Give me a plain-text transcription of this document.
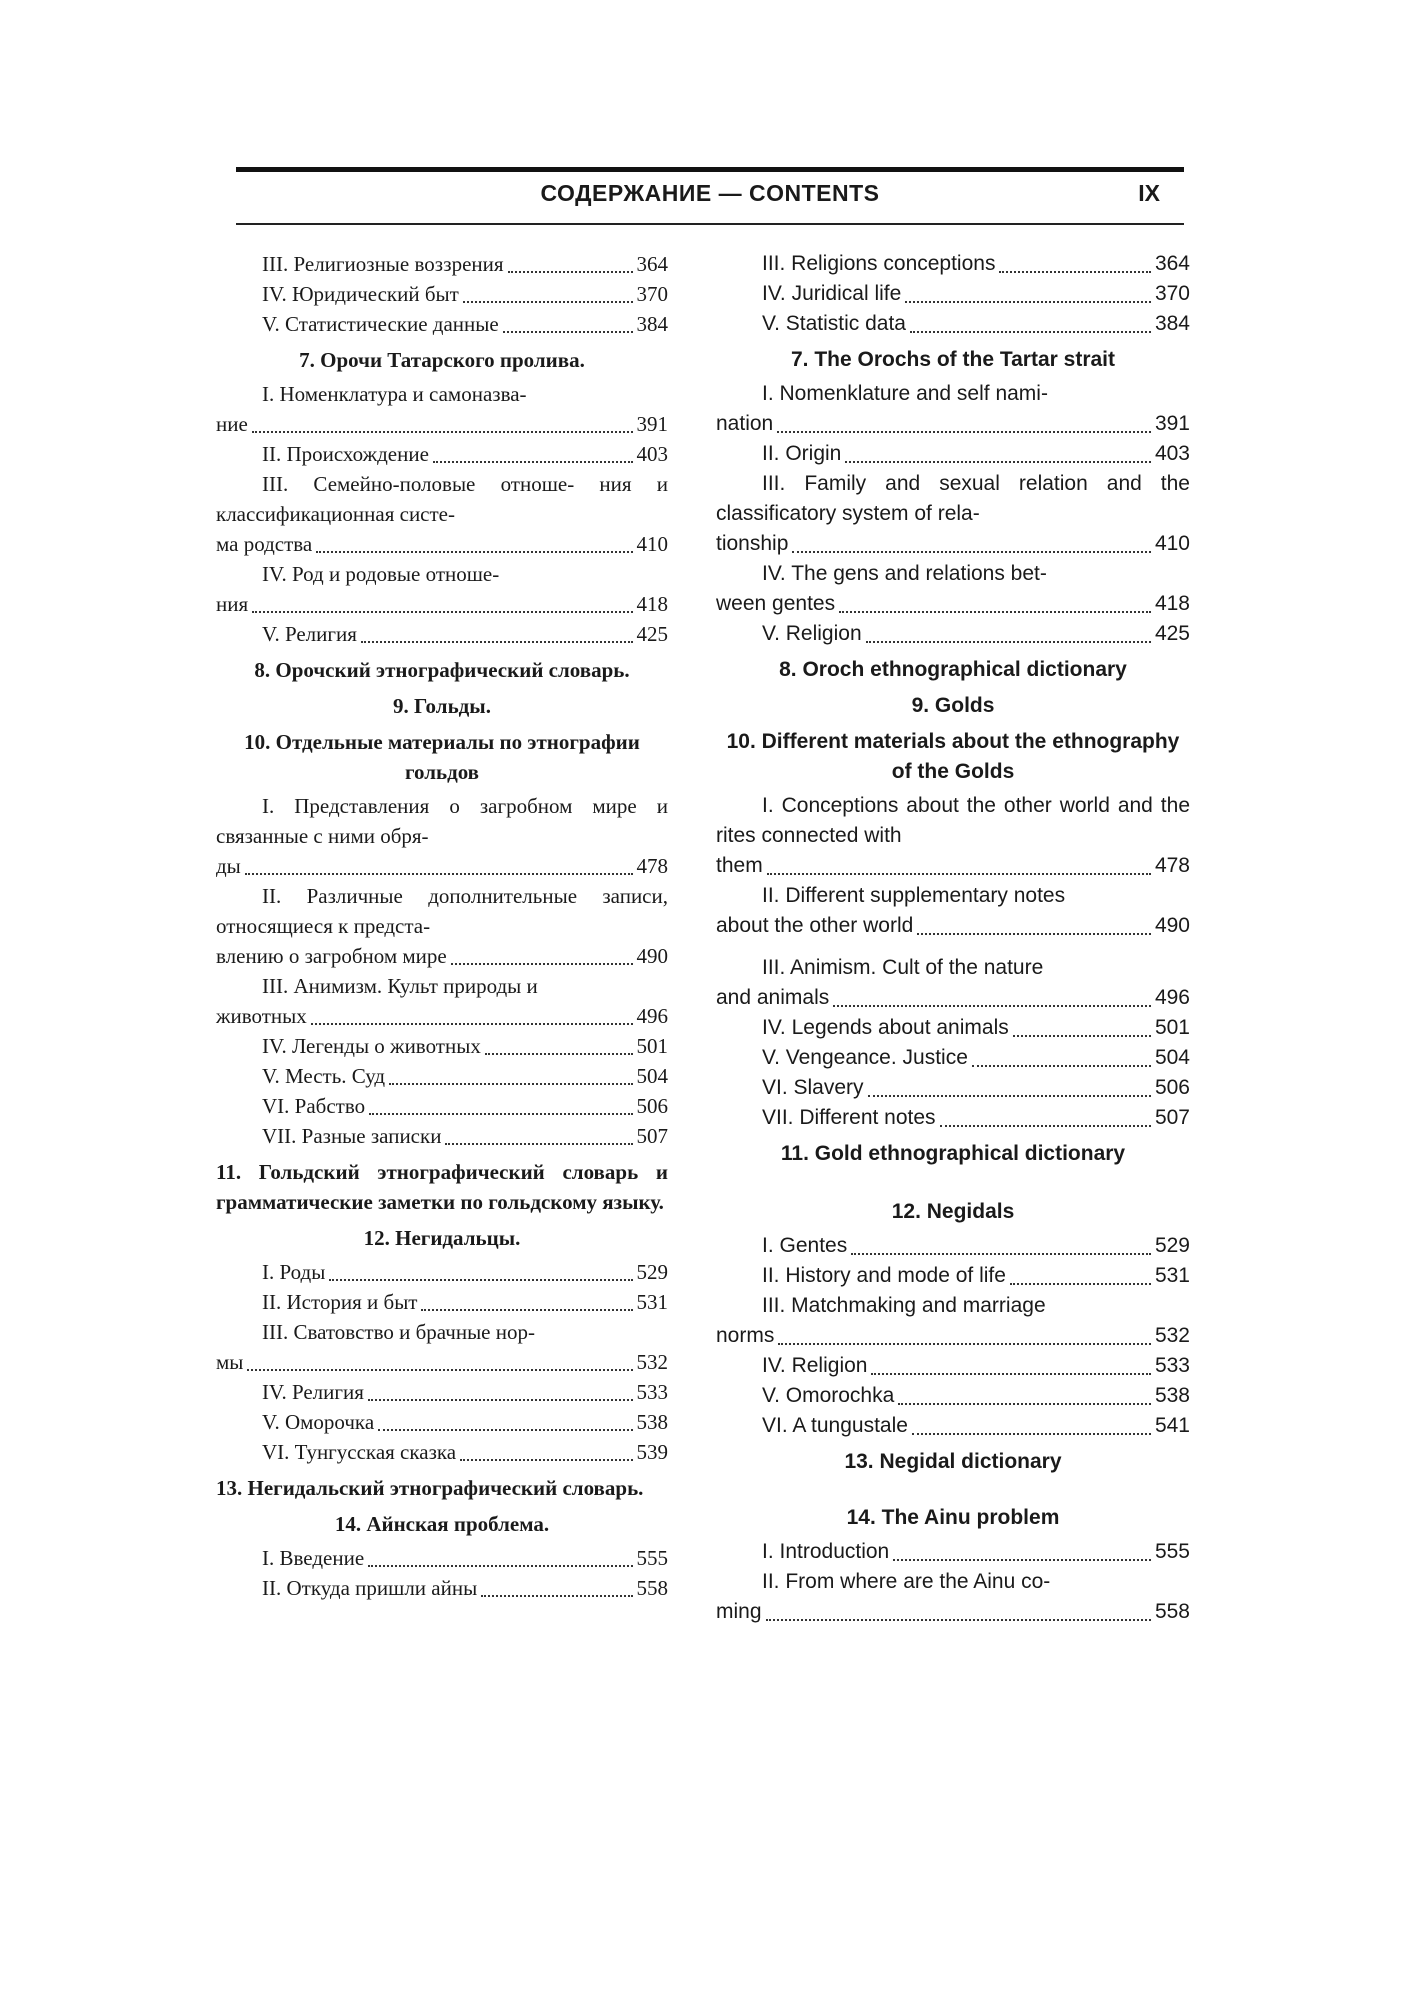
СОДЕРЖАНИЕ — CONTENTS	IX
III. Религиозные воззрения	364
IV. Юридический быт	370
V. Статистические данные	384
7. Орочи Татарского пролива.
I. Номенклатура и самоназва-
ние	391
II. Происхождение	403
III. Семейно-половые отноше- ния и классификационная систе-
ма родства	410
IV. Род и родовые отноше-
ния	418
V. Религия	425
8. Орочский этнографический словарь.
9. Гольды.
10. Отдельные материалы по этнографии гольдов
I. Представления о загробном мире и связанные с ними обря-
ды	478
II. Различные дополнительные записи, относящиеся к предста-
влению о загробном мире	490
III. Анимизм. Культ природы и
животных	496
IV. Легенды о животных	501
V. Месть. Суд	504
VI. Рабство	506
VII. Разные записки	507
11. Гольдский этнографический словарь и грамматические заметки по гольдскому языку.
12. Негидальцы.
I. Роды	529
II. История и быт	531
III. Сватовство и брачные нор-
мы	532
IV. Религия	533
V. Оморочка	538
VI. Тунгусская сказка	539
13. Негидальский этнографический словарь.
14. Айнская проблема.
I. Введение	555
II. Откуда пришли айны	558
III. Religions conceptions	364
IV. Juridical life	370
V. Statistic data	384
7. The Orochs of the Tartar strait
I. Nomenklature and self nami-
nation	391
II. Origin	403
III. Family and sexual relation and the classificatory system of rela-
tionship	410
IV. The gens and relations bet-
ween gentes	418
V. Religion	425
8. Oroch ethnographical dictionary
9. Golds
10. Different materials about the ethnography of the Golds
I. Conceptions about the other world and the rites connected with
them	478
II. Different supplementary notes
about the other world	490
III. Animism. Cult of the nature
and animals	496
IV. Legends about animals	501
V. Vengeance. Justice	504
VI. Slavery	506
VII. Different notes	507
11. Gold ethnographical dictionary
12. Negidals
I. Gentes	529
II. History and mode of life	531
III. Matchmaking and marriage
norms	532
IV. Religion	533
V. Omorochka	538
VI. A tungustale	541
13. Negidal dictionary
14. The Ainu problem
I. Introduction	555
II. From where are the Ainu co-
ming	558
